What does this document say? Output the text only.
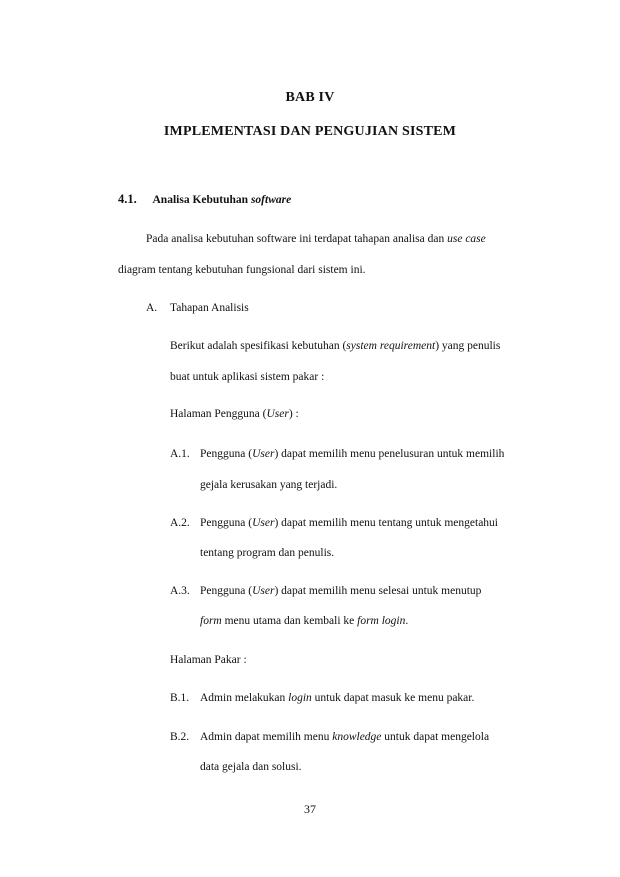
BAB IV
IMPLEMENTASI DAN PENGUJIAN SISTEM
4.1. Analisa Kebutuhan software
Pada analisa kebutuhan software ini terdapat tahapan analisa dan use case
diagram tentang kebutuhan fungsional dari sistem ini.
A. Tahapan Analisis
Berikut adalah spesifikasi kebutuhan (system requirement) yang penulis
buat untuk aplikasi sistem pakar :
Halaman Pengguna (User) :
A.1. Pengguna (User) dapat memilih menu penelusuran untuk memilih
gejala kerusakan yang terjadi.
A.2. Pengguna (User) dapat memilih menu tentang untuk mengetahui
tentang program dan penulis.
A.3. Pengguna (User) dapat memilih menu selesai untuk menutup
form menu utama dan kembali ke form login.
Halaman Pakar :
B.1. Admin melakukan login untuk dapat masuk ke menu pakar.
B.2. Admin dapat memilih menu knowledge untuk dapat mengelola
data gejala dan solusi.
37
